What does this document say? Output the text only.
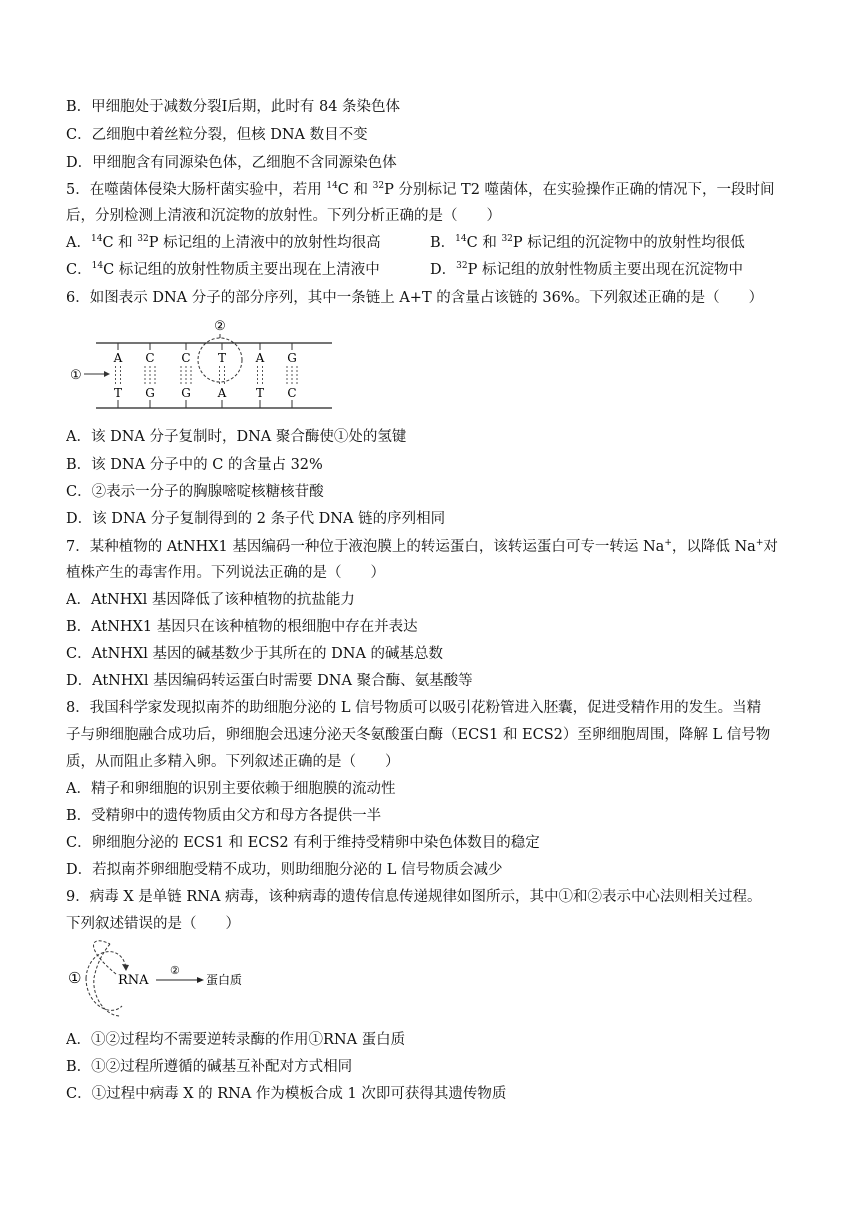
B．甲细胞处于减数分裂Ⅰ后期，此时有 84 条染色体
C．乙细胞中着丝粒分裂，但核 DNA 数目不变
D．甲细胞含有同源染色体，乙细胞不含同源染色体
5．在噬菌体侵染大肠杆菌实验中，若用 $^{14}$C 和 $^{32}$P 分别标记 T2 噬菌体，在实验操作正确的情况下，一段时间
后，分别检测上清液和沉淀物的放射性。下列分析正确的是（　　）
A．$^{14}$C 和 $^{32}$P 标记组的上清液中的放射性均很高	B．$^{14}$C 和 $^{32}$P 标记组的沉淀物中的放射性均很低
C．$^{14}$C 标记组的放射性物质主要出现在上清液中	D．$^{32}$P 标记组的放射性物质主要出现在沉淀物中
6．如图表示 DNA 分子的部分序列，其中一条链上 A+T 的含量占该链的 36%。下列叙述正确的是（　　）
②
①
A
T
C
G
C
G
T
A
A
T
G
C
A．该 DNA 分子复制时，DNA 聚合酶使①处的氢键
B．该 DNA 分子中的 C 的含量占 32%
C．②表示一分子的胸腺嘧啶核糖核苷酸
D．该 DNA 分子复制得到的 2 条子代 DNA 链的序列相同
7．某种植物的 AtNHX1 基因编码一种位于液泡膜上的转运蛋白，该转运蛋白可专一转运 Na+，以降低 Na+对
植株产生的毒害作用。下列说法正确的是（　　）
A．AtNHXl 基因降低了该种植物的抗盐能力
B．AtNHX1 基因只在该种植物的根细胞中存在并表达
C．AtNHXl 基因的碱基数少于其所在的 DNA 的碱基总数
D．AtNHXl 基因编码转运蛋白时需要 DNA 聚合酶、氨基酸等
8．我国科学家发现拟南芥的助细胞分泌的 L 信号物质可以吸引花粉管进入胚囊，促进受精作用的发生。当精
子与卵细胞融合成功后，卵细胞会迅速分泌天冬氨酸蛋白酶（ECS1 和 ECS2）至卵细胞周围，降解 L 信号物
质，从而阻止多精入卵。下列叙述正确的是（　　）
A．精子和卵细胞的识别主要依赖于细胞膜的流动性
B．受精卵中的遗传物质由父方和母方各提供一半
C．卵细胞分泌的 ECS1 和 ECS2 有利于维持受精卵中染色体数目的稳定
D．若拟南芥卵细胞受精不成功，则助细胞分泌的 L 信号物质会减少
9．病毒 X 是单链 RNA 病毒，该种病毒的遗传信息传递规律如图所示，其中①和②表示中心法则相关过程。
下列叙述错误的是（　　）
①	RNA
②
蛋白质
A．①②过程均不需要逆转录酶的作用①RNA 蛋白质
B．①②过程所遵循的碱基互补配对方式相同
C．①过程中病毒 X 的 RNA 作为模板合成 1 次即可获得其遗传物质
